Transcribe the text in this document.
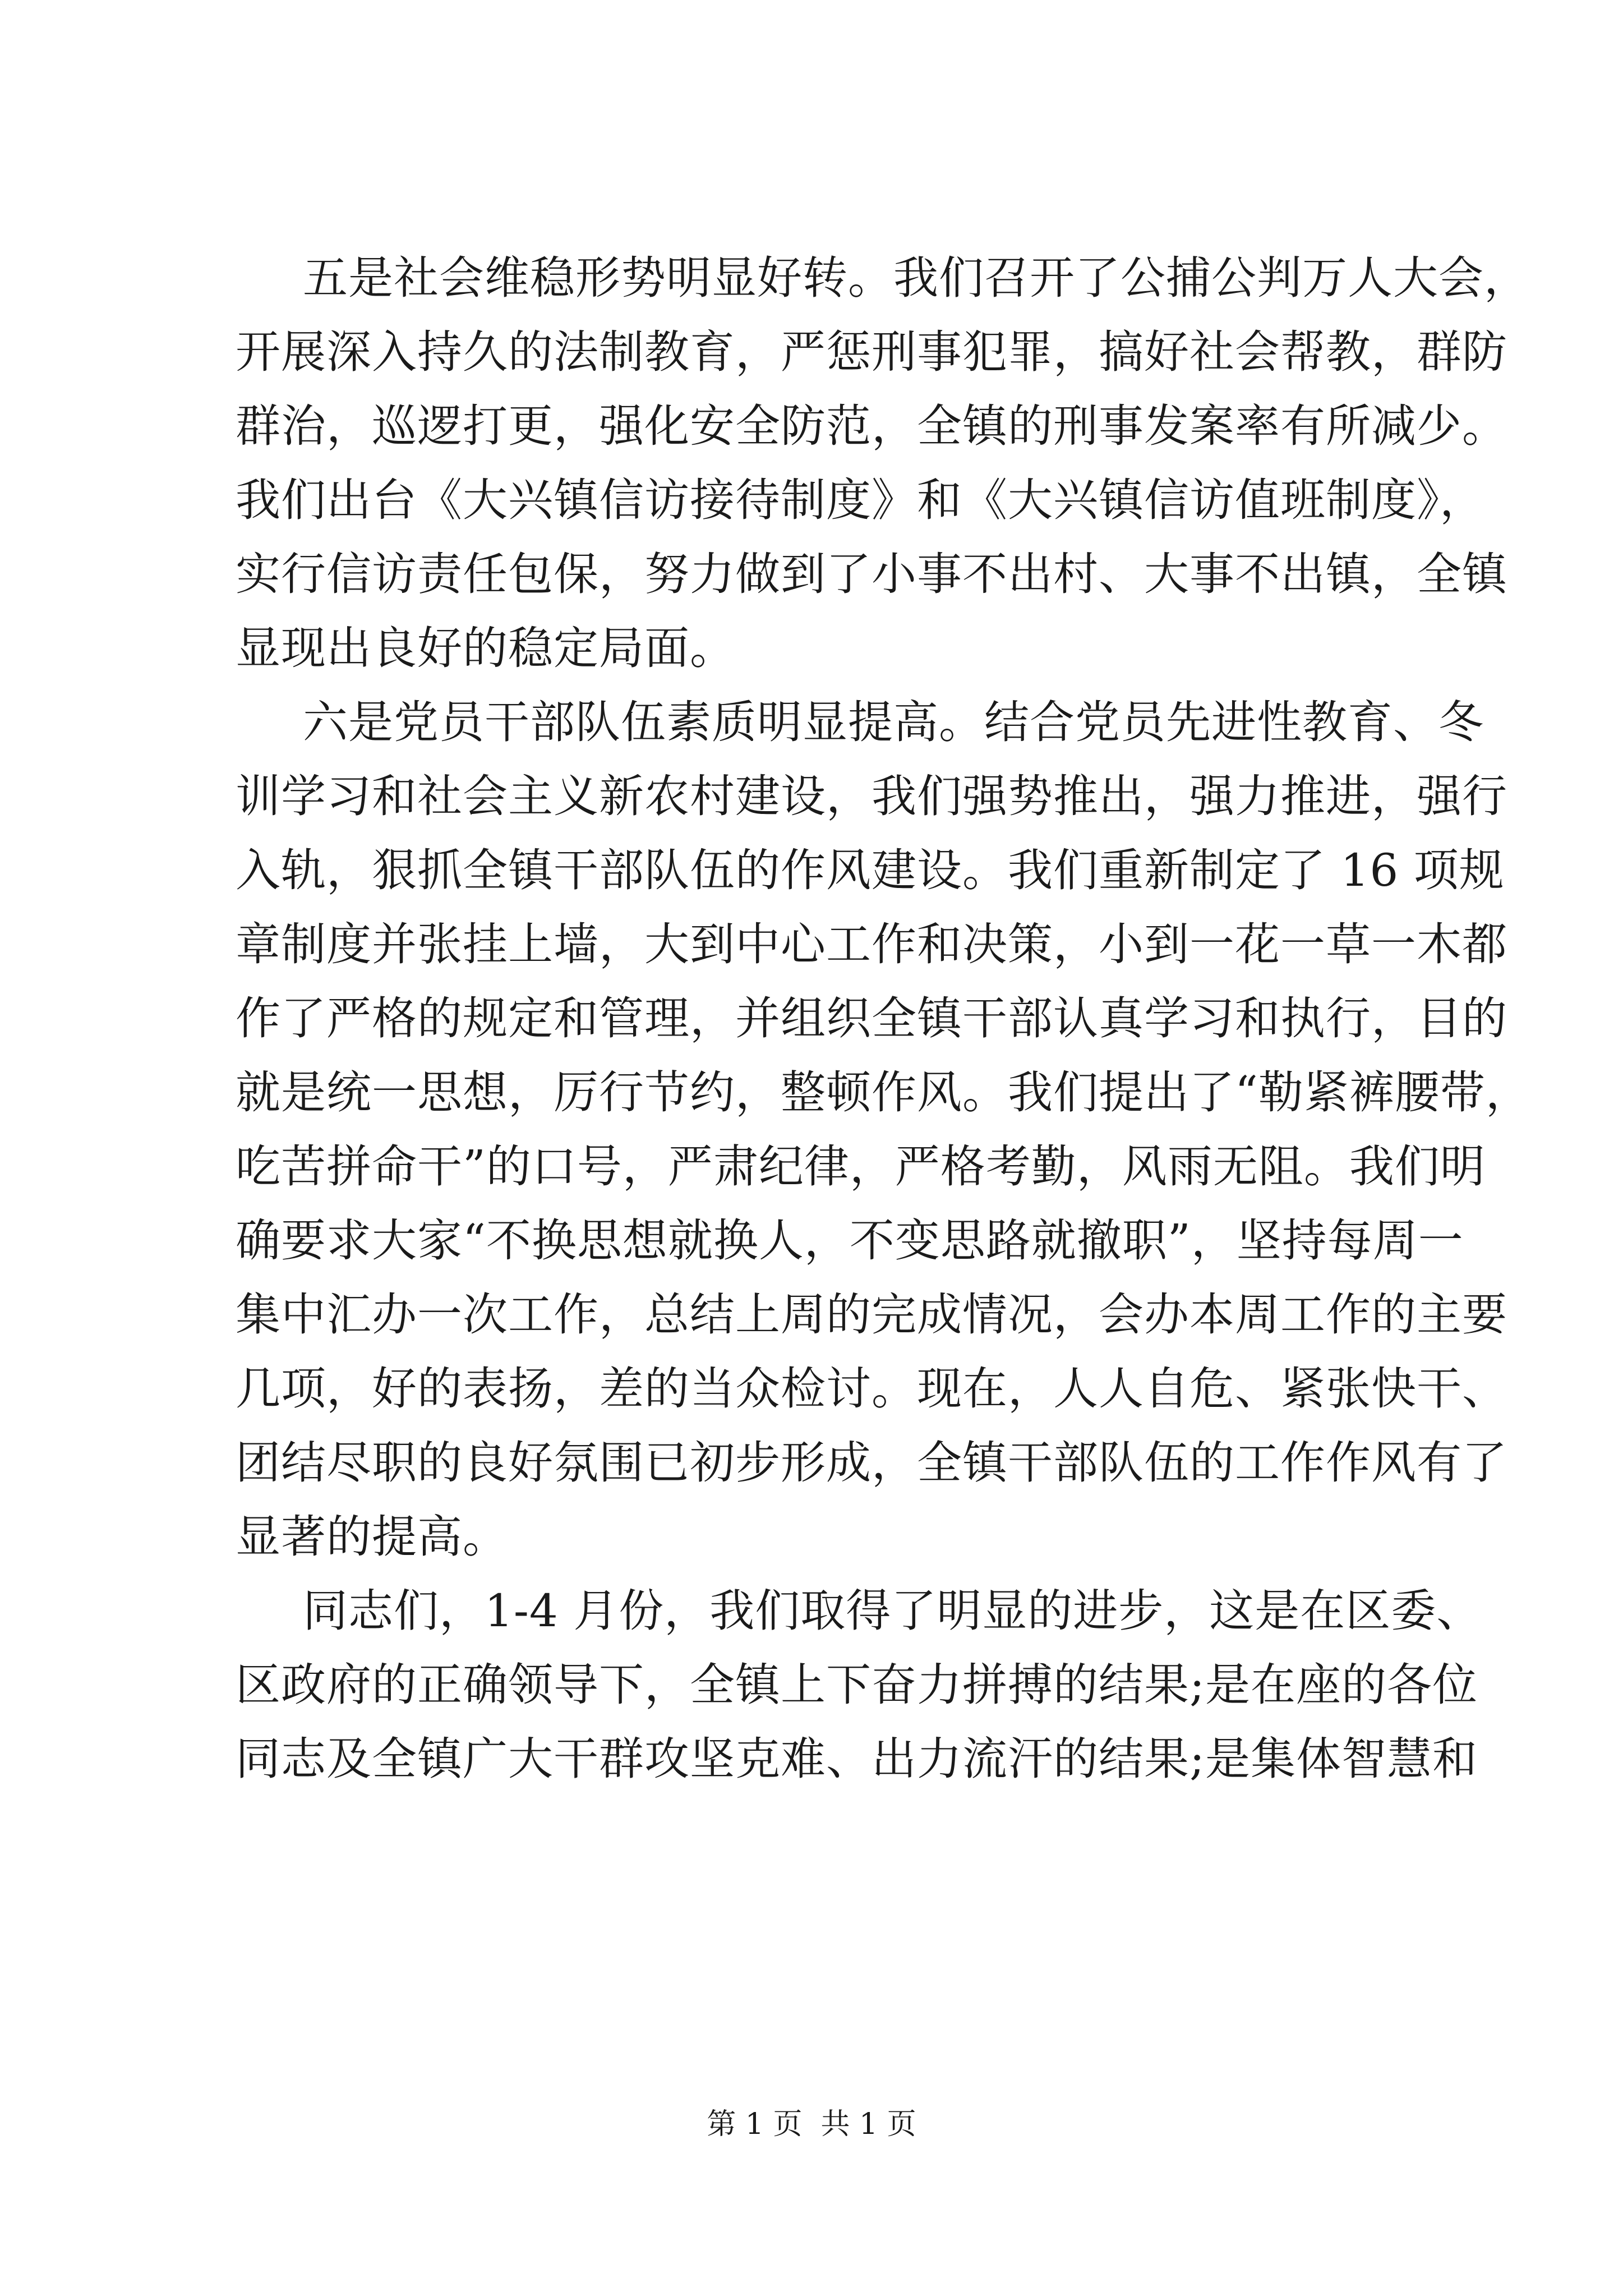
五是社会维稳形势明显好转。我们召开了公捕公判万人大会，
开展深入持久的法制教育，严惩刑事犯罪，搞好社会帮教，群防
群治，巡逻打更，强化安全防范，全镇的刑事发案率有所减少。
我们出台《大兴镇信访接待制度》和《大兴镇信访值班制度》，
实行信访责任包保，努力做到了小事不出村、大事不出镇，全镇
显现出良好的稳定局面。
六是党员干部队伍素质明显提高。结合党员先进性教育、冬
训学习和社会主义新农村建设，我们强势推出，强力推进，强行
入轨，狠抓全镇干部队伍的作风建设。我们重新制定了 16 项规
章制度并张挂上墙，大到中心工作和决策，小到一花一草一木都
作了严格的规定和管理，并组织全镇干部认真学习和执行，目的
就是统一思想，厉行节约，整顿作风。我们提出了“勒紧裤腰带，
吃苦拼命干”的口号，严肃纪律，严格考勤，风雨无阻。我们明
确要求大家“不换思想就换人，不变思路就撤职”，坚持每周一
集中汇办一次工作，总结上周的完成情况，会办本周工作的主要
几项，好的表扬，差的当众检讨。现在，人人自危、紧张快干、
团结尽职的良好氛围已初步形成，全镇干部队伍的工作作风有了
显著的提高。
同志们，1-4 月份，我们取得了明显的进步，这是在区委、
区政府的正确领导下，全镇上下奋力拼搏的结果;是在座的各位
同志及全镇广大干群攻坚克难、出力流汗的结果;是集体智慧和
第 1 页  共 1 页
